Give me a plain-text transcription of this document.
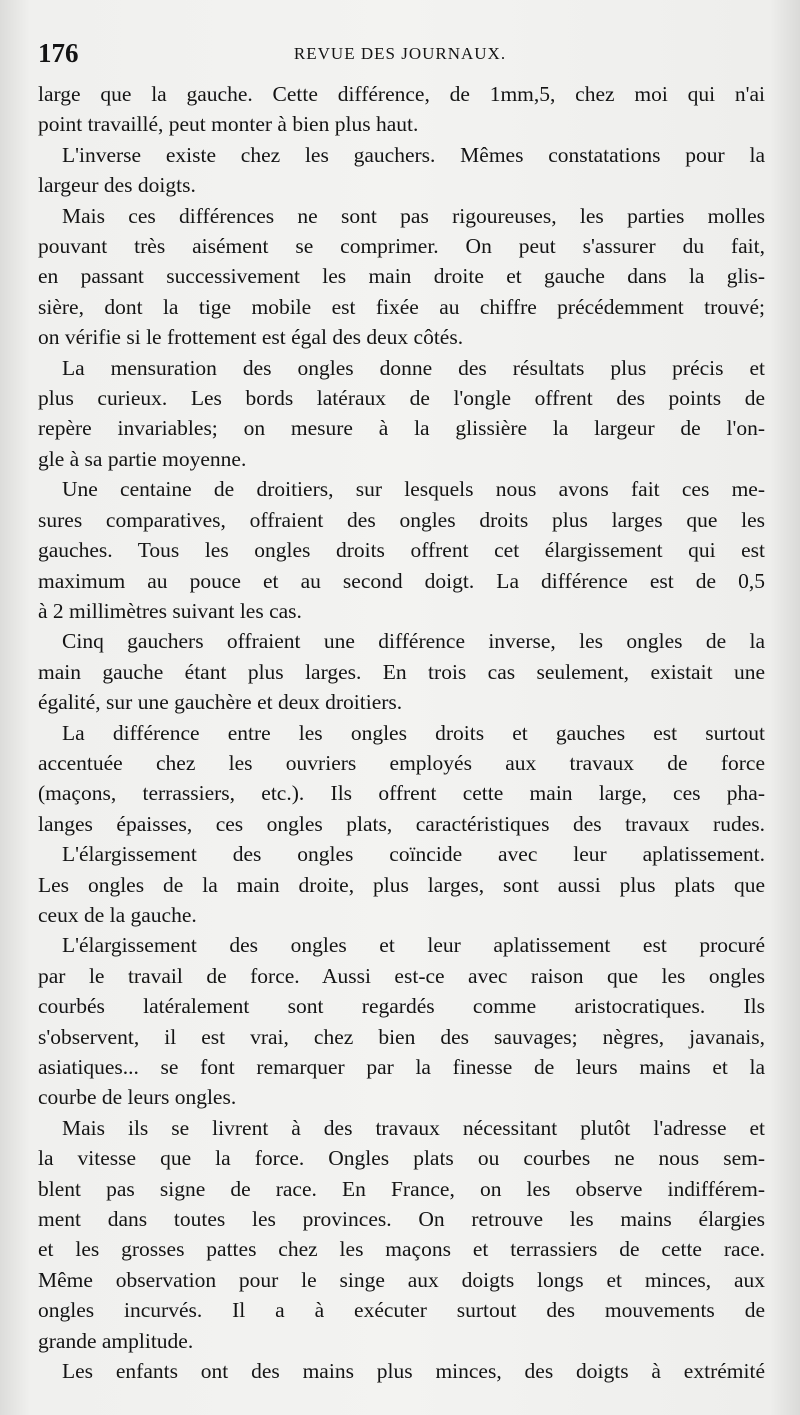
176	REVUE DES JOURNAUX.

large que la gauche. Cette différence, de 1mm,5, chez moi qui n'ai

point travaillé, peut monter à bien plus haut.

L'inverse existe chez les gauchers. Mêmes constatations pour la

largeur des doigts.

Mais ces différences ne sont pas rigoureuses, les parties molles

pouvant très aisément se comprimer. On peut s'assurer du fait,

en passant successivement les main droite et gauche dans la glis-

sière, dont la tige mobile est fixée au chiffre précédemment trouvé;

on vérifie si le frottement est égal des deux côtés.

La mensuration des ongles donne des résultats plus précis et

plus curieux. Les bords latéraux de l'ongle offrent des points de

repère invariables; on mesure à la glissière la largeur de l'on-

gle à sa partie moyenne.

Une centaine de droitiers, sur lesquels nous avons fait ces me-

sures comparatives, offraient des ongles droits plus larges que les

gauches. Tous les ongles droits offrent cet élargissement qui est

maximum au pouce et au second doigt. La différence est de 0,5

à 2 millimètres suivant les cas.

Cinq gauchers offraient une différence inverse, les ongles de la

main gauche étant plus larges. En trois cas seulement, existait une

égalité, sur une gauchère et deux droitiers.

La différence entre les ongles droits et gauches est surtout

accentuée chez les ouvriers employés aux travaux de force

(maçons, terrassiers, etc.). Ils offrent cette main large, ces pha-

langes épaisses, ces ongles plats, caractéristiques des travaux rudes.

L'élargissement des ongles coïncide avec leur aplatissement.

Les ongles de la main droite, plus larges, sont aussi plus plats que

ceux de la gauche.

L'élargissement des ongles et leur aplatissement est procuré

par le travail de force. Aussi est-ce avec raison que les ongles

courbés latéralement sont regardés comme aristocratiques. Ils

s'observent, il est vrai, chez bien des sauvages; nègres, javanais,

asiatiques... se font remarquer par la finesse de leurs mains et la

courbe de leurs ongles.

Mais ils se livrent à des travaux nécessitant plutôt l'adresse et

la vitesse que la force. Ongles plats ou courbes ne nous sem-

blent pas signe de race. En France, on les observe indifférem-

ment dans toutes les provinces. On retrouve les mains élargies

et les grosses pattes chez les maçons et terrassiers de cette race.

Même observation pour le singe aux doigts longs et minces, aux

ongles incurvés. Il a à exécuter surtout des mouvements de

grande amplitude.

Les enfants ont des mains plus minces, des doigts à extrémité
